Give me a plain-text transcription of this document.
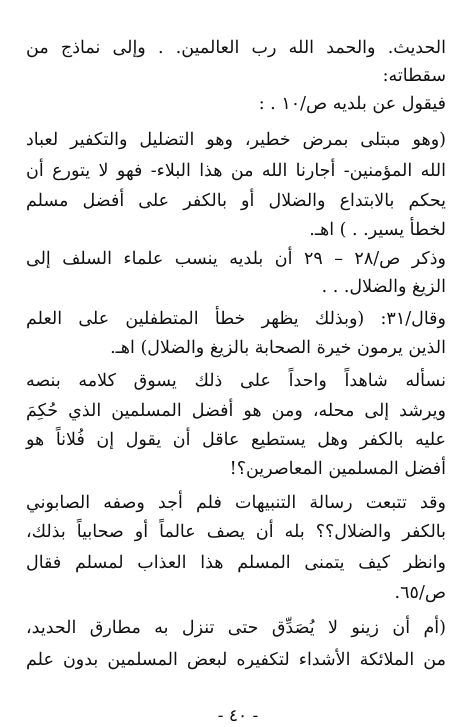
الحديث. والحمد الله رب العالمين. . وإلى نماذج من
سقطاته:
فيقول عن بلديه ص/١٠ . :
(وهو مبتلى بمرض خطير، وهو التضليل والتكفير لعباد
الله المؤمنين- أجارنا الله من هذا البلاء- فهو لا يتورع أن
يحكم بالابتداع والضلال أو بالكفر على أفضل مسلم
لخطأ يسير. . ) اهـ.
وذكر ص/٢٨ – ٢٩ أن بلديه ينسب علماء السلف إلى
الزيغ والضلال. . .
وقال/٣١: (وبذلك يظهر خطأ المتطفلين على العلم
الذين يرمون خيرة الصحابة بالزيغ والضلال) اهـ.
نسأله شاهداً واحداً على ذلك يسوق كلامه بنصه
ويرشد إلى محله، ومن هو أفضل المسلمين الذي حُكِمَ
عليه بالكفر وهل يستطيع عاقل أن يقول إن فُلاناً هو
أفضل المسلمين المعاصرين؟!
وقد تتبعت رسالة التنبيهات فلم أجد وصفه الصابوني
بالكفر والضلال؟؟ بله أن يصف عالماً أو صحابياً بذلك،
وانظر كيف يتمنى المسلم هذا العذاب لمسلم فقال
ص/٦٥.
(أم أن زينو لا يُصَدِّق حتى تنزل به مطارق الحديد،
من الملائكة الأشداء لتكفيره لبعض المسلمين بدون علم
- ٤٠ -
